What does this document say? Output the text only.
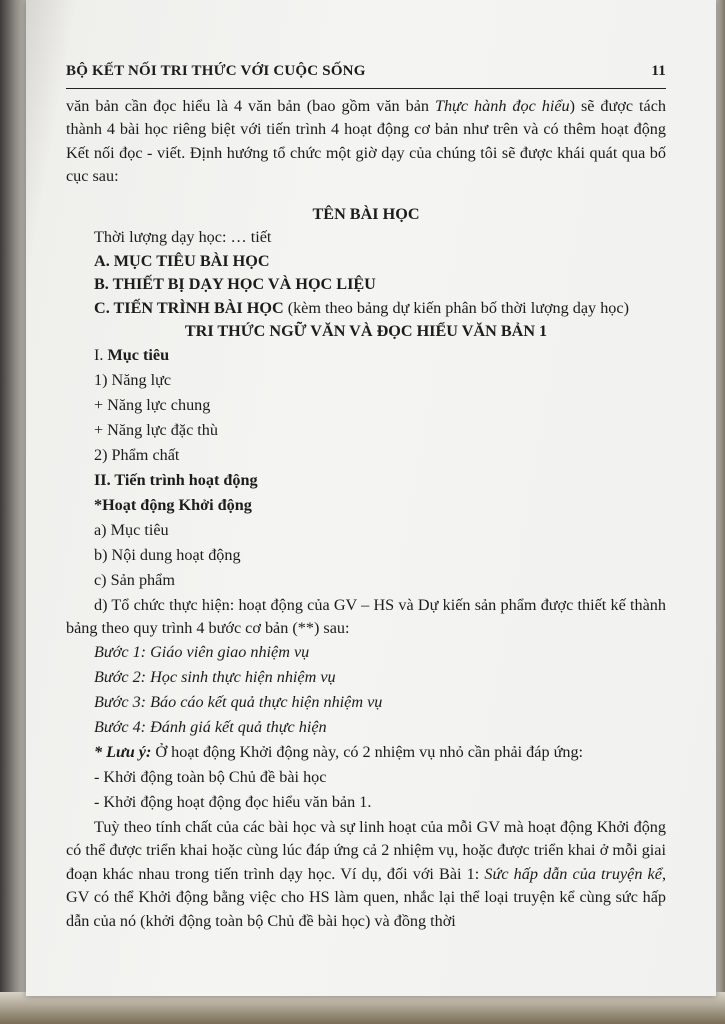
BỘ KẾT NỐI TRI THỨC VỚI CUỘC SỐNG	11

văn bản cần đọc hiểu là 4 văn bản (bao gồm văn bản Thực hành đọc hiểu) sẽ được tách thành 4 bài học riêng biệt với tiến trình 4 hoạt động cơ bản như trên và có thêm hoạt động Kết nối đọc - viết. Định hướng tổ chức một giờ dạy của chúng tôi sẽ được khái quát qua bố cục sau:

TÊN BÀI HỌC

Thời lượng dạy học: … tiết

A. MỤC TIÊU BÀI HỌC

B. THIẾT BỊ DẠY HỌC VÀ HỌC LIỆU

C. TIẾN TRÌNH BÀI HỌC (kèm theo bảng dự kiến phân bố thời lượng dạy học)

TRI THỨC NGỮ VĂN VÀ ĐỌC HIỂU VĂN BẢN 1

I. Mục tiêu

1) Năng lực

+ Năng lực chung

+ Năng lực đặc thù

2) Phẩm chất

II. Tiến trình hoạt động

*Hoạt động Khởi động

a) Mục tiêu

b) Nội dung hoạt động

c) Sản phẩm

d) Tổ chức thực hiện: hoạt động của GV – HS và Dự kiến sản phẩm được thiết kế thành bảng theo quy trình 4 bước cơ bản (**) sau:

Bước 1: Giáo viên giao nhiệm vụ

Bước 2: Học sinh thực hiện nhiệm vụ

Bước 3: Báo cáo kết quả thực hiện nhiệm vụ

Bước 4: Đánh giá kết quả thực hiện

* Lưu ý: Ở hoạt động Khởi động này, có 2 nhiệm vụ nhỏ cần phải đáp ứng:

- Khởi động toàn bộ Chủ đề bài học

- Khởi động hoạt động đọc hiểu văn bản 1.

Tuỳ theo tính chất của các bài học và sự linh hoạt của mỗi GV mà hoạt động Khởi động có thể được triển khai hoặc cùng lúc đáp ứng cả 2 nhiệm vụ, hoặc được triển khai ở mỗi giai đoạn khác nhau trong tiến trình dạy học. Ví dụ, đối với Bài 1: Sức hấp dẫn của truyện kể, GV có thể Khởi động bằng việc cho HS làm quen, nhắc lại thể loại truyện kể cùng sức hấp dẫn của nó (khởi động toàn bộ Chủ đề bài học) và đồng thời
